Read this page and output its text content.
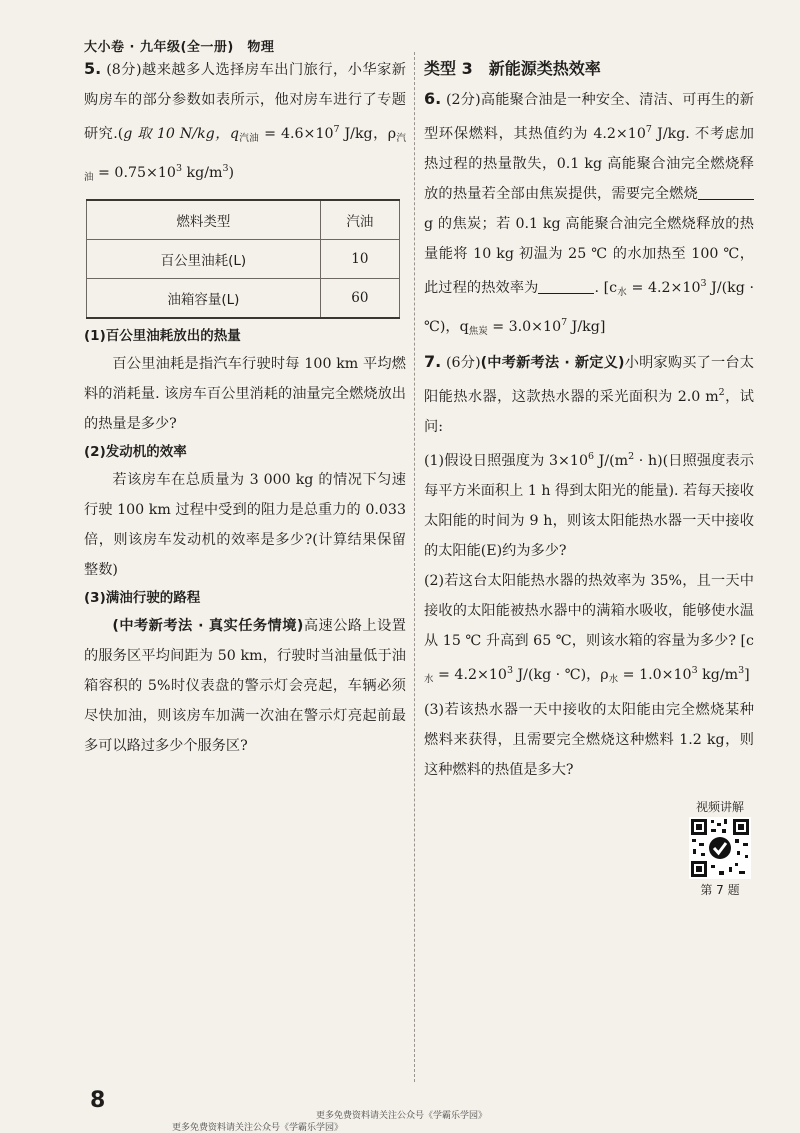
大小卷 · 九年级(全一册)　物理

5. (8分)越来越多人选择房车出门旅行，小华家新购房车的部分参数如表所示，他对房车进行了专题研究.(g 取 10 N/kg，$q_{汽油} = 4.6\times 10^7$ J/kg，$\rho_{汽油} = 0.75\times 10^3$ $kg/m^3$)

燃料类型	汽油
百公里油耗(L)	10
油箱容量(L)	60

(1)百公里油耗放出的热量

百公里油耗是指汽车行驶时每 100 km 平均燃料的消耗量. 该房车百公里消耗的油量完全燃烧放出的热量是多少?

(2)发动机的效率

若该房车在总质量为 3 000 kg 的情况下匀速行驶 100 km 过程中受到的阻力是总重力的 0.033 倍，则该房车发动机的效率是多少?(计算结果保留整数)

(3)满油行驶的路程

(中考新考法 · 真实任务情境)高速公路上设置的服务区平均间距为 50 km，行驶时当油量低于油箱容积的 5%时仪表盘的警示灯会亮起，车辆必须尽快加油，则该房车加满一次油在警示灯亮起前最多可以路过多少个服务区?

类型 3　新能源类热效率

6. (2分)高能聚合油是一种安全、清洁、可再生的新型环保燃料，其热值约为 $4.2\times 10^7$ J/kg. 不考虑加热过程的热量散失，0.1 kg 高能聚合油完全燃烧释放的热量若全部由焦炭提供，需要完全燃烧g 的焦炭；若 0.1 kg 高能聚合油完全燃烧释放的热量能将 10 kg 初温为 25 ℃ 的水加热至 100 ℃，此过程的热效率为	. [$c_水 = 4.2\times 10^3$ J/(kg · ℃)，$q_{焦炭} = 3.0\times 10^7$ J/kg]

7. (6分)(中考新考法 · 新定义)小明家购买了一台太阳能热水器，这款热水器的采光面积为 2.0 $m^2$，试问:

(1)假设日照强度为 $3\times 10^6$ $J/(m^2 \cdot h)$(日照强度表示每平方米面积上 1 h 得到太阳光的能量). 若每天接收太阳能的时间为 9 h，则该太阳能热水器一天中接收的太阳能(E)约为多少?

(2)若这台太阳能热水器的热效率为 35%，且一天中接收的太阳能被热水器中的满箱水吸收，能够使水温从 15 ℃ 升高到 65 ℃，则该水箱的容量为多少? [$c_水 = 4.2\times 10^3$ J/(kg · ℃)，$\rho_水 = 1.0\times 10^3$ $kg/m^3$]

(3)若该热水器一天中接收的太阳能由完全燃烧某种燃料来获得，且需要完全燃烧这种燃料 1.2 kg，则这种燃料的热值是多大?

视频讲解
第 7 题
8
更多免费资料请关注公众号《学霸乐学园》
更多免费资料请关注公众号《学霸乐学园》
